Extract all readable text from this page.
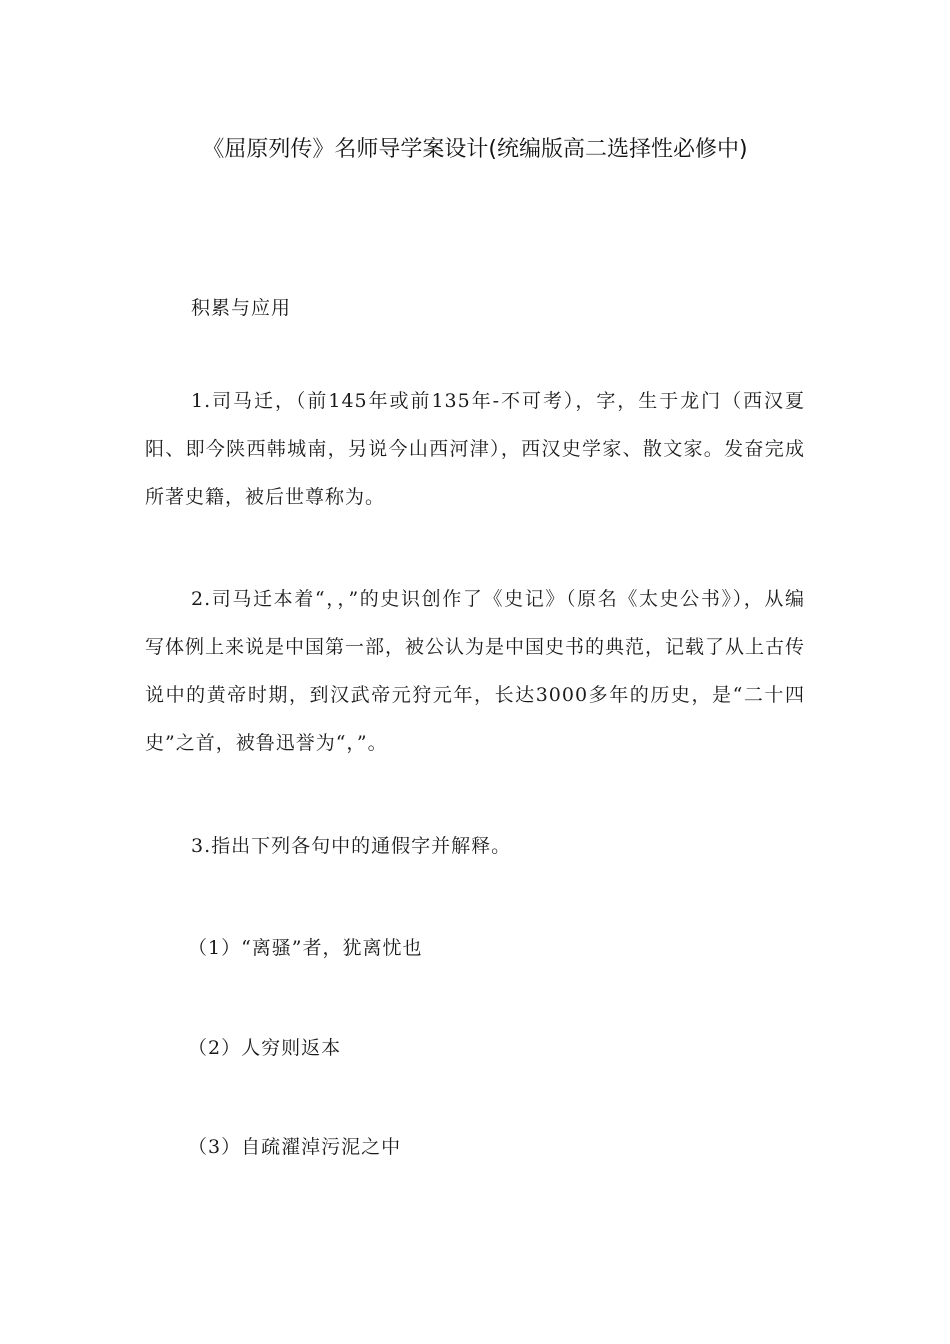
《屈原列传》名师导学案设计(统编版高二选择性必修中)

积累与应用

1.司马迁，（前145年或前135年-不可考），字，生于龙门（西汉夏阳、即今陕西韩城南，另说今山西河津），西汉史学家、散文家。发奋完成所著史籍，被后世尊称为。

2.司马迁本着“，，”的史识创作了《史记》（原名《太史公书》），从编写体例上来说是中国第一部，被公认为是中国史书的典范，记载了从上古传说中的黄帝时期，到汉武帝元狩元年，长达3000多年的历史，是“二十四史”之首，被鲁迅誉为“，”。

3.指出下列各句中的通假字并解释。

（1）“离骚”者，犹离忧也
（2）人穷则返本
（3）自疏濯淖污泥之中
